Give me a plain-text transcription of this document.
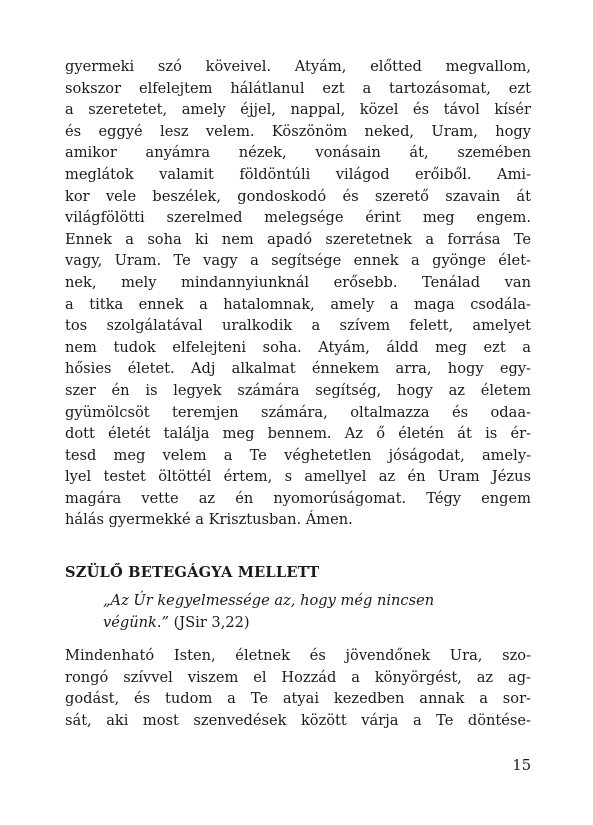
gyermeki szó köveivel. Atyám, előtted megvallom,
sokszor elfelejtem hálátlanul ezt a tartozásomat, ezt
a szeretetet, amely éjjel, nappal, közel és távol kísér
és eggyé lesz velem. Köszönöm neked, Uram, hogy
amikor anyámra nézek, vonásain át, szemében
meglátok valamit földöntúli világod erőiből. Ami-
kor vele beszélek, gondoskodó és szerető szavain át
világfölötti szerelmed melegsége érint meg engem.
Ennek a soha ki nem apadó szeretetnek a forrása Te
vagy, Uram. Te vagy a segítsége ennek a gyönge élet-
nek, mely mindannyiunknál erősebb. Tenálad van
a titka ennek a hatalomnak, amely a maga csodála-
tos szolgálatával uralkodik a szívem felett, amelyet
nem tudok elfelejteni soha. Atyám, áldd meg ezt a
hősies életet. Adj alkalmat énnekem arra, hogy egy-
szer én is legyek számára segítség, hogy az életem
gyümölcsöt teremjen számára, oltalmazza és odaa-
dott életét találja meg bennem. Az ő életén át is ér-
tesd meg velem a Te véghetetlen jóságodat, amely-
lyel testet öltöttél értem, s amellyel az én Uram Jézus
magára vette az én nyomorúságomat. Tégy engem
hálás gyermekké a Krisztusban. Ámen.
SZÜLŐ BETEGÁGYA MELLETT
„Az Úr kegyelmessége az, hogy még nincsen
végünk.” (JSir 3,22)
Mindenható Isten, életnek és jövendőnek Ura, szo-
rongó szívvel viszem el Hozzád a könyörgést, az ag-
godást, és tudom a Te atyai kezedben annak a sor-
sát, aki most szenvedések között várja a Te döntése-
15
